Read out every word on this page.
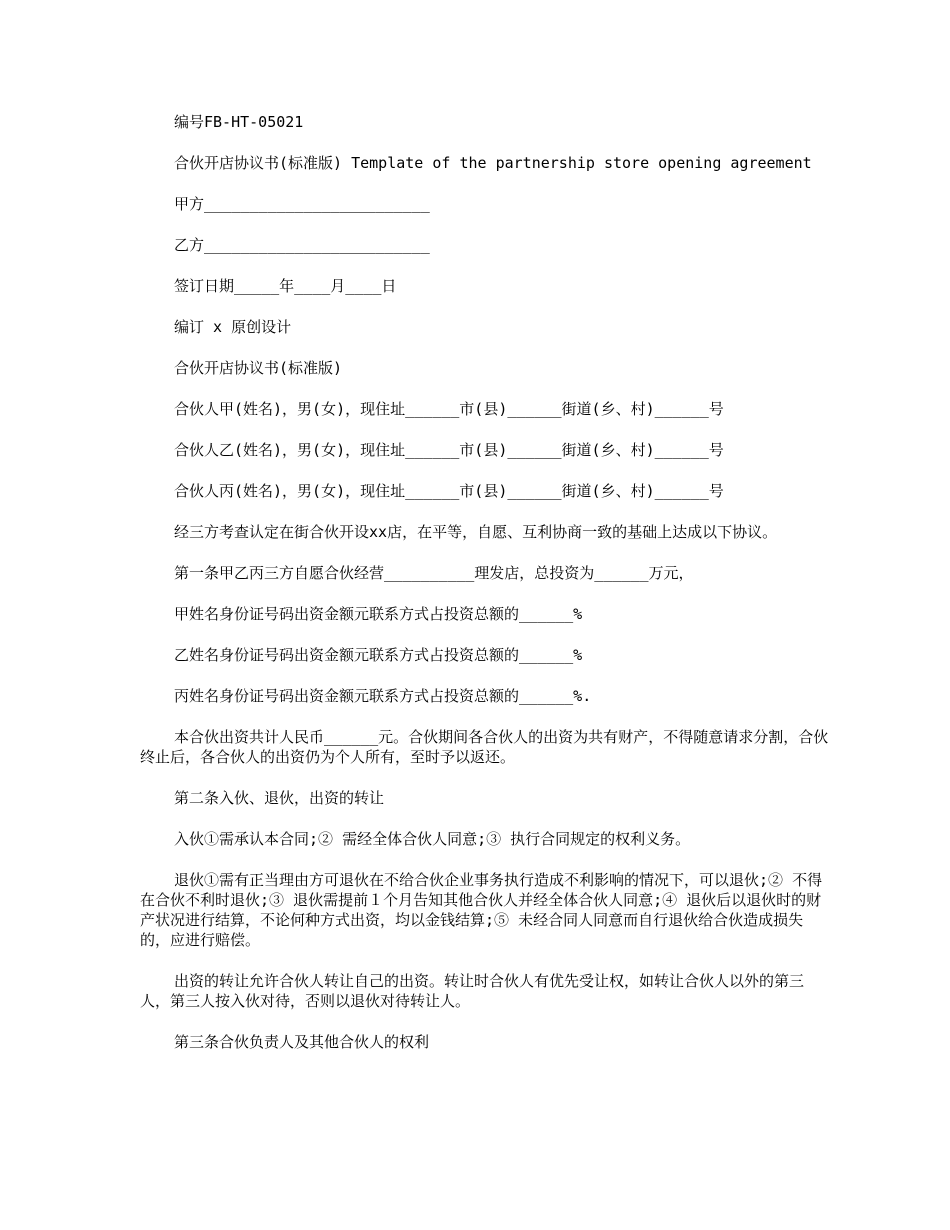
编号FB-HT-05021

合伙开店协议书(标准版) Template of the partnership store opening agreement

甲方_________________________

乙方_________________________

签订日期_____年____月____日

编订 x 原创设计

合伙开店协议书(标准版)

合伙人甲(姓名)，男(女)，现住址______市(县)______街道(乡、村)______号

合伙人乙(姓名)，男(女)，现住址______市(县)______街道(乡、村)______号

合伙人丙(姓名)，男(女)，现住址______市(县)______街道(乡、村)______号

经三方考查认定在街合伙开设xx店，在平等，自愿、互利协商一致的基础上达成以下协议。

第一条甲乙丙三方自愿合伙经营__________理发店，总投资为______万元，

甲姓名身份证号码出资金额元联系方式占投资总额的______%

乙姓名身份证号码出资金额元联系方式占投资总额的______%

丙姓名身份证号码出资金额元联系方式占投资总额的______%.

本合伙出资共计人民币______元。合伙期间各合伙人的出资为共有财产，不得随意请求分割，合伙终止后，各合伙人的出资仍为个人所有，至时予以返还。

第二条入伙、退伙，出资的转让

入伙①需承认本合同;② 需经全体合伙人同意;③ 执行合同规定的权利义务。

退伙①需有正当理由方可退伙在不给合伙企业事务执行造成不利影响的情况下，可以退伙;② 不得在合伙不利时退伙;③ 退伙需提前１个月告知其他合伙人并经全体合伙人同意;④ 退伙后以退伙时的财产状况进行结算，不论何种方式出资，均以金钱结算;⑤ 未经合同人同意而自行退伙给合伙造成损失的，应进行赔偿。

出资的转让允许合伙人转让自己的出资。转让时合伙人有优先受让权，如转让合伙人以外的第三人，第三人按入伙对待，否则以退伙对待转让人。

第三条合伙负责人及其他合伙人的权利
